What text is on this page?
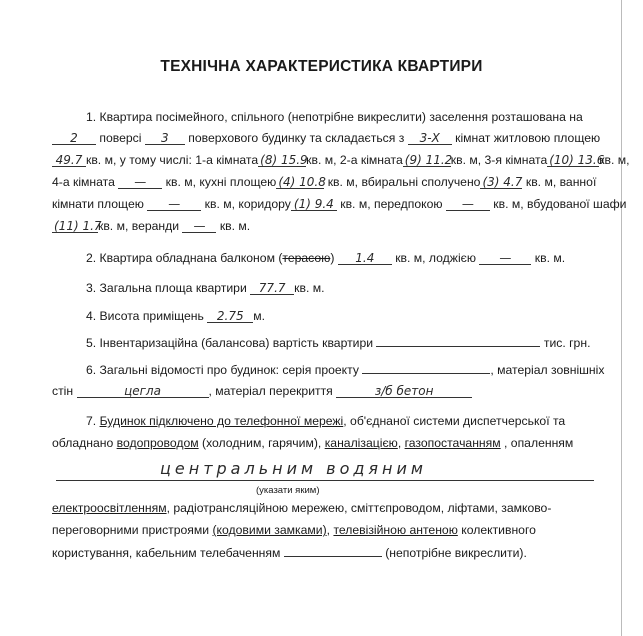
ТЕХНІЧНА ХАРАКТЕРИСТИКА КВАРТИРИ
1. Квартира посімейного, спільного (непотрібне викреслити) заселення розташована на
2 поверсі 3 поверхового будинку та складається з 3-Х кімнат житловою площею
49.7 кв. м, у тому числі: 1-а кімната (8) 15.9кв. м, 2-а кімната (9) 11.2кв. м, 3-я кімната (10) 13.6кв. м,
4-а кімната — кв. м, кухні площею (4) 10.8 кв. м, вбиральні сполучено (3) 4.7 кв. м, ванної
кімнати площею — кв. м, коридору (1) 9.4 кв. м, передпокою — кв. м, вбудованої шафи
(11) 1.7кв. м, веранди — кв. м.
2. Квартира обладнана балконом (терасою) 1.4 кв. м, лоджією — кв. м.
3. Загальна площа квартири 77.7 кв. м.
4. Висота приміщень 2.75 м.
5. Інвентаризаційна (балансова) вартість квартири	тис. грн.
6. Загальні відомості про будинок: серія проекту	, матеріал зовнішніх
стін	цегла	, матеріал перекриття	з/б бетон
7. Будинок підключено до телефонної мережі, об'єднаної системи диспетчерської та
обладнано водопроводом (холодним, гарячим), каналізацією, газопостачанням , опаленням
центральним водяним
(указати яким)
електроосвітленням, радіотрансляційною мережею, сміттєпроводом, ліфтами, замково-
переговорними пристроями (кодовими замками), телевізійною антеною колективного
користування, кабельним телебаченням	(непотрібне викреслити).
